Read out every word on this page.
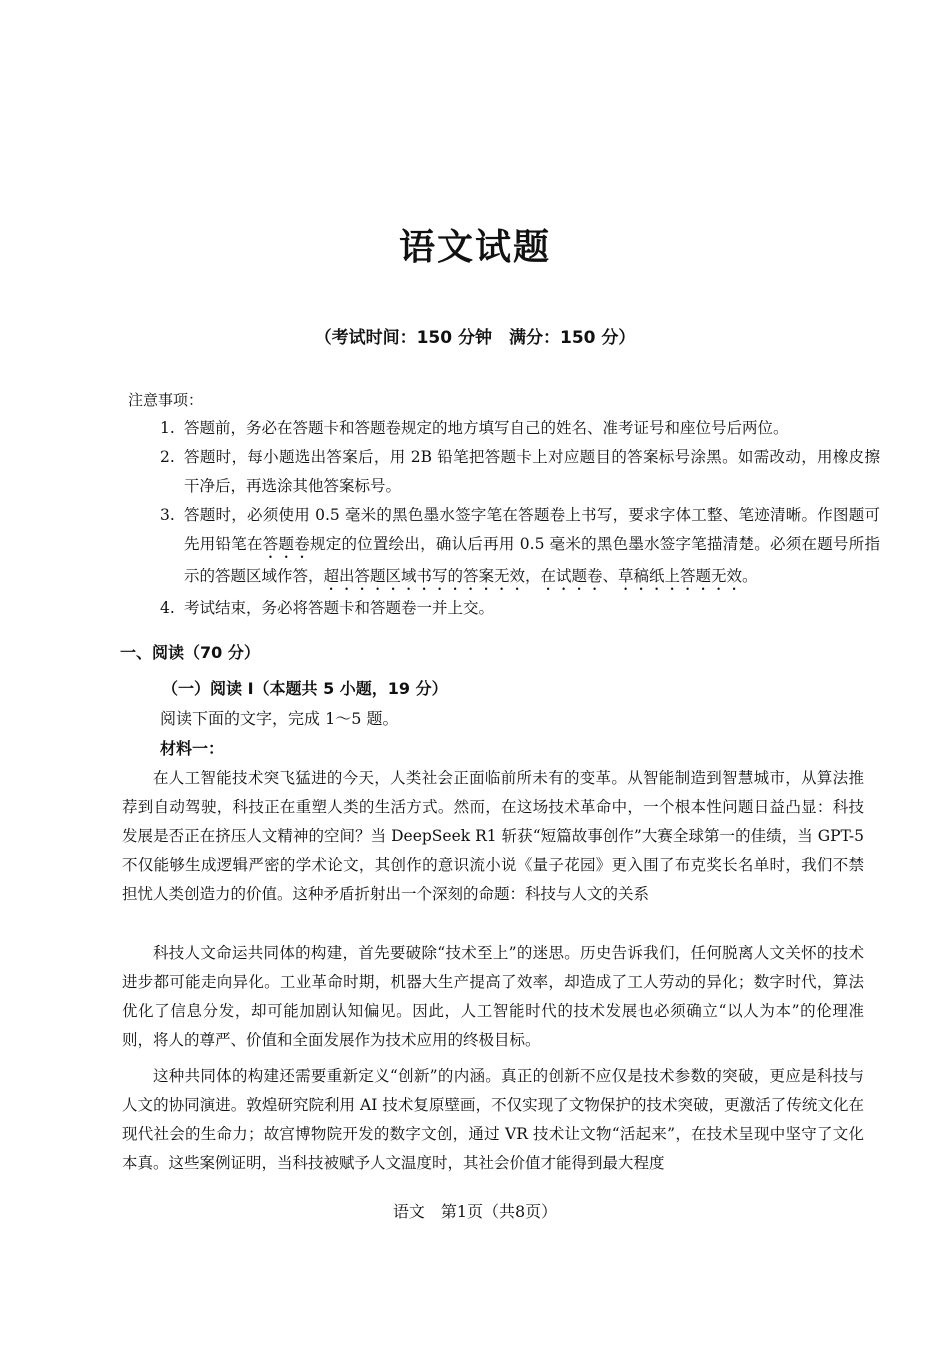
语文试题
（考试时间：150 分钟　满分：150 分）
注意事项：

1. 答题前，务必在答题卡和答题卷规定的地方填写自己的姓名、准考证号和座位号后两位。

2. 答题时，每小题选出答案后，用 2B 铅笔把答题卡上对应题目的答案标号涂黑。如需改动，用橡皮擦干净后，再选涂其他答案标号。

3. 答题时，必须使用 0.5 毫米的黑色墨水签字笔在答题卷上书写，要求字体工整、笔迹清晰。作图题可先用铅笔在答题卷规定的位置绘出，确认后再用 0.5 毫米的黑色墨水签字笔描清楚。必须在题号所指示的答题区域作答，超出答题区域书写的答案无效，在试题卷、草稿纸上答题无效。

4. 考试结束，务必将答题卡和答题卷一并上交。

一、阅读（70 分）
（一）阅读 Ⅰ（本题共 5 小题，19 分）
阅读下面的文字，完成 1～5 题。
材料一：

在人工智能技术突飞猛进的今天，人类社会正面临前所未有的变革。从智能制造到智慧城市，从算法推荐到自动驾驶，科技正在重塑人类的生活方式。然而，在这场技术革命中，一个根本性问题日益凸显：科技发展是否正在挤压人文精神的空间？当 DeepSeek R1 斩获“短篇故事创作”大赛全球第一的佳绩，当 GPT-5 不仅能够生成逻辑严密的学术论文，其创作的意识流小说《量子花园》更入围了布克奖长名单时，我们不禁担忧人类创造力的价值。这种矛盾折射出一个深刻的命题：科技与人文的关系

科技人文命运共同体的构建，首先要破除“技术至上”的迷思。历史告诉我们，任何脱离人文关怀的技术进步都可能走向异化。工业革命时期，机器大生产提高了效率，却造成了工人劳动的异化；数字时代，算法优化了信息分发，却可能加剧认知偏见。因此，人工智能时代的技术发展也必须确立“以人为本”的伦理准则，将人的尊严、价值和全面发展作为技术应用的终极目标。

这种共同体的构建还需要重新定义“创新”的内涵。真正的创新不应仅是技术参数的突破，更应是科技与人文的协同演进。敦煌研究院利用 AI 技术复原壁画，不仅实现了文物保护的技术突破，更激活了传统文化在现代社会的生命力；故宫博物院开发的数字文创，通过 VR 技术让文物“活起来”，在技术呈现中坚守了文化本真。这些案例证明，当科技被赋予人文温度时，其社会价值才能得到最大程度

语文　第1页（共8页）
